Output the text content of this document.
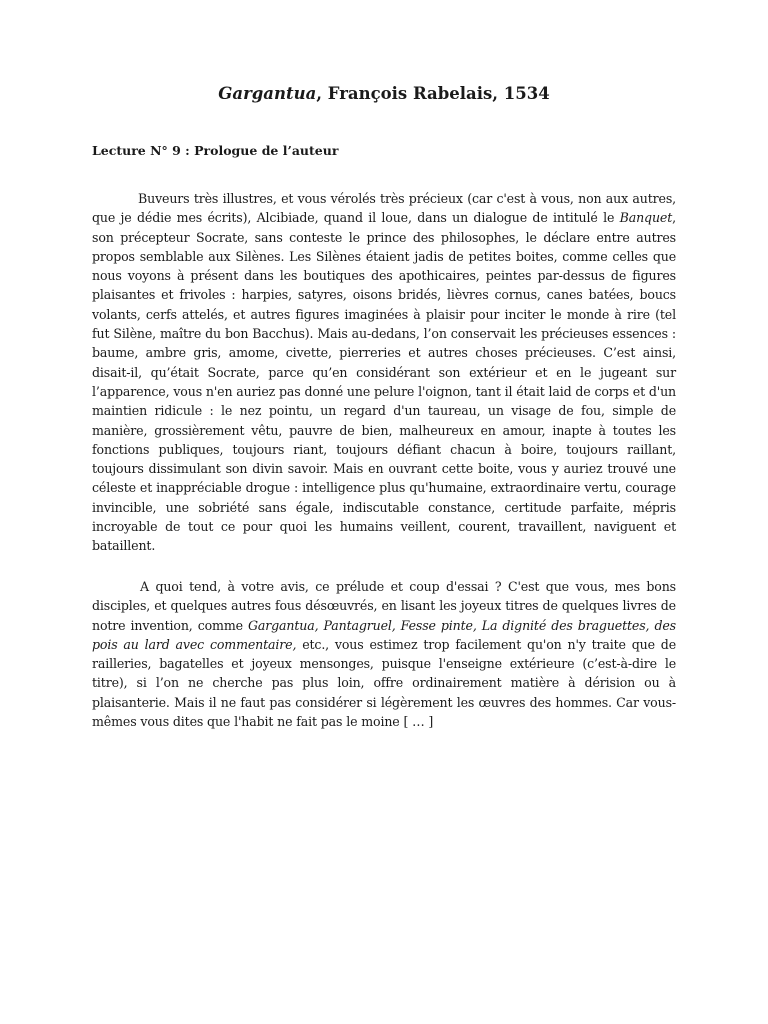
Gargantua, François Rabelais, 1534

Lecture N° 9 : Prologue de l’auteur

Buveurs très illustres, et vous vérolés très précieux (car c'est à vous, non aux autres, que je dédie mes écrits), Alcibiade, quand il loue, dans un dialogue de intitulé le Banquet, son précepteur Socrate, sans conteste le prince des philosophes, le déclare entre autres propos semblable aux Silènes. Les Silènes étaient jadis de petites boites, comme celles que nous voyons à présent dans les boutiques des apothicaires, peintes par-dessus de figures plaisantes et frivoles : harpies, satyres, oisons bridés, lièvres cornus, canes batées, boucs volants, cerfs attelés, et autres figures imaginées à plaisir pour inciter le monde à rire (tel fut Silène, maître du bon Bacchus). Mais au-dedans, l’on conservait les précieuses essences : baume, ambre gris, amome, civette, pierreries et autres choses précieuses. C’est ainsi, disait-il, qu’était Socrate, parce qu’en considérant son extérieur et en le jugeant sur l’apparence, vous n'en auriez pas donné une pelure l'oignon, tant il était laid de corps et d'un maintien ridicule : le nez pointu, un regard d'un taureau, un visage de fou, simple de manière, grossièrement vêtu, pauvre de bien, malheureux en amour, inapte à toutes les fonctions publiques, toujours riant, toujours défiant chacun à boire, toujours raillant, toujours dissimulant son divin savoir. Mais en ouvrant cette boite, vous y auriez trouvé une céleste et inappréciable drogue : intelligence plus qu'humaine, extraordinaire vertu, courage invincible, une sobriété sans égale, indiscutable constance, certitude parfaite, mépris incroyable de tout ce pour quoi les humains veillent, courent, travaillent, naviguent et bataillent.

A quoi tend, à votre avis, ce prélude et coup d'essai ? C'est que vous, mes bons disciples, et quelques autres fous désœuvrés, en lisant les joyeux titres de quelques livres de notre invention, comme Gargantua, Pantagruel, Fesse pinte, La dignité des braguettes, des pois au lard avec commentaire, etc., vous estimez trop facilement qu'on n'y traite que de railleries, bagatelles et joyeux mensonges, puisque l'enseigne extérieure (c’est-à-dire le titre), si l’on ne cherche pas plus loin, offre ordinairement matière à dérision ou à plaisanterie. Mais il ne faut pas considérer si légèrement les œuvres des hommes. Car vous-mêmes vous dites que l'habit ne fait pas le moine [ … ]
